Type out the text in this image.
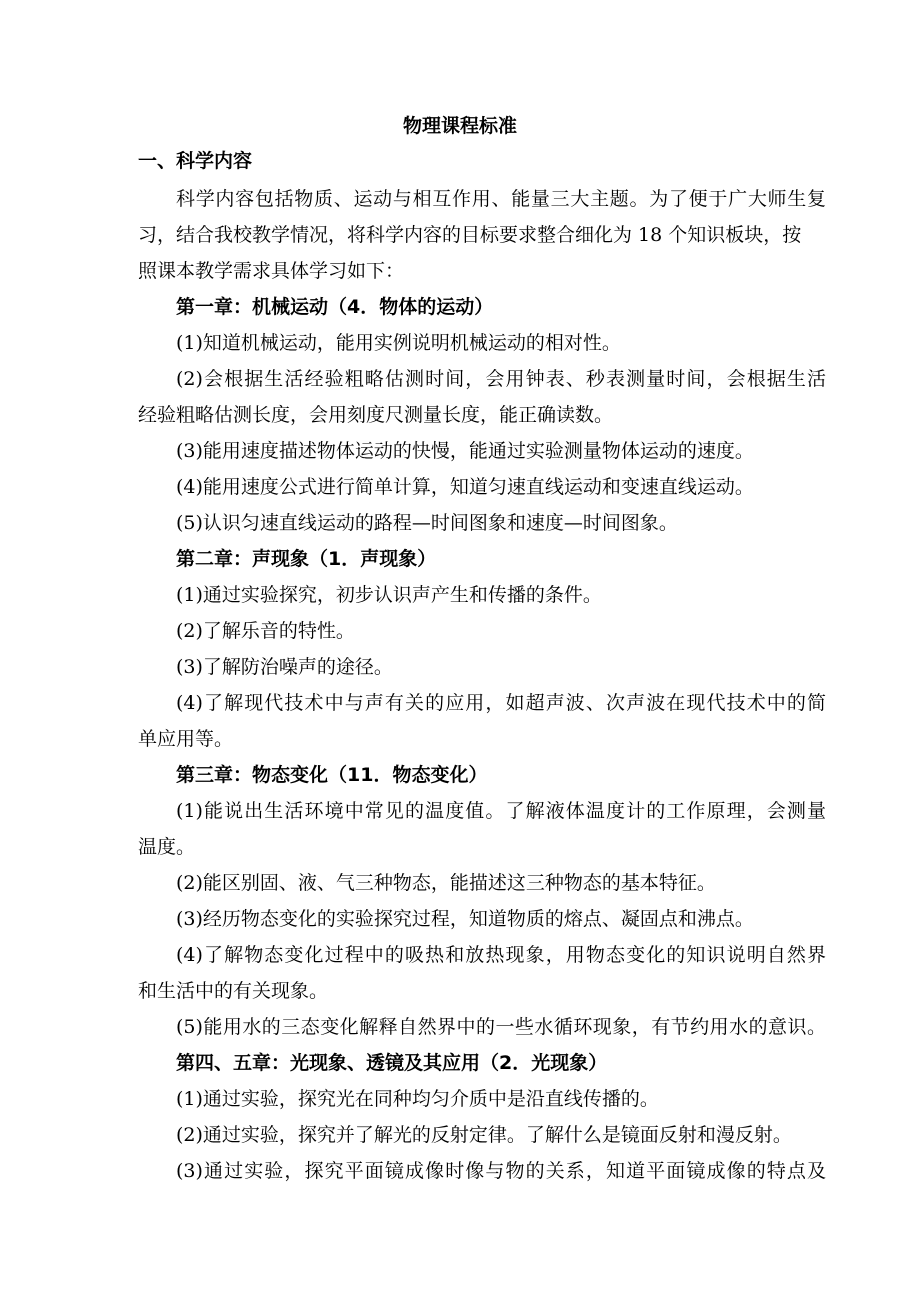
物理课程标准
一、科学内容
科学内容包括物质、运动与相互作用、能量三大主题。为了便于广大师生复
习，结合我校教学情况，将科学内容的目标要求整合细化为 18 个知识板块，按
照课本教学需求具体学习如下：
第一章：机械运动（4．物体的运动）
(1)知道机械运动，能用实例说明机械运动的相对性。
(2)会根据生活经验粗略估测时间，会用钟表、秒表测量时间，会根据生活
经验粗略估测长度，会用刻度尺测量长度，能正确读数。
(3)能用速度描述物体运动的快慢，能通过实验测量物体运动的速度。
(4)能用速度公式进行简单计算，知道匀速直线运动和变速直线运动。
(5)认识匀速直线运动的路程—时间图象和速度—时间图象。
第二章：声现象（1．声现象）
(1)通过实验探究，初步认识声产生和传播的条件。
(2)了解乐音的特性。
(3)了解防治噪声的途径。
(4)了解现代技术中与声有关的应用，如超声波、次声波在现代技术中的简
单应用等。
第三章：物态变化（11．物态变化）
(1)能说出生活环境中常见的温度值。了解液体温度计的工作原理，会测量
温度。
(2)能区别固、液、气三种物态，能描述这三种物态的基本特征。
(3)经历物态变化的实验探究过程，知道物质的熔点、凝固点和沸点。
(4)了解物态变化过程中的吸热和放热现象，用物态变化的知识说明自然界
和生活中的有关现象。
(5)能用水的三态变化解释自然界中的一些水循环现象，有节约用水的意识。
第四、五章：光现象、透镜及其应用（2．光现象）
(1)通过实验，探究光在同种均匀介质中是沿直线传播的。
(2)通过实验，探究并了解光的反射定律。了解什么是镜面反射和漫反射。
(3)通过实验，探究平面镜成像时像与物的关系，知道平面镜成像的特点及
